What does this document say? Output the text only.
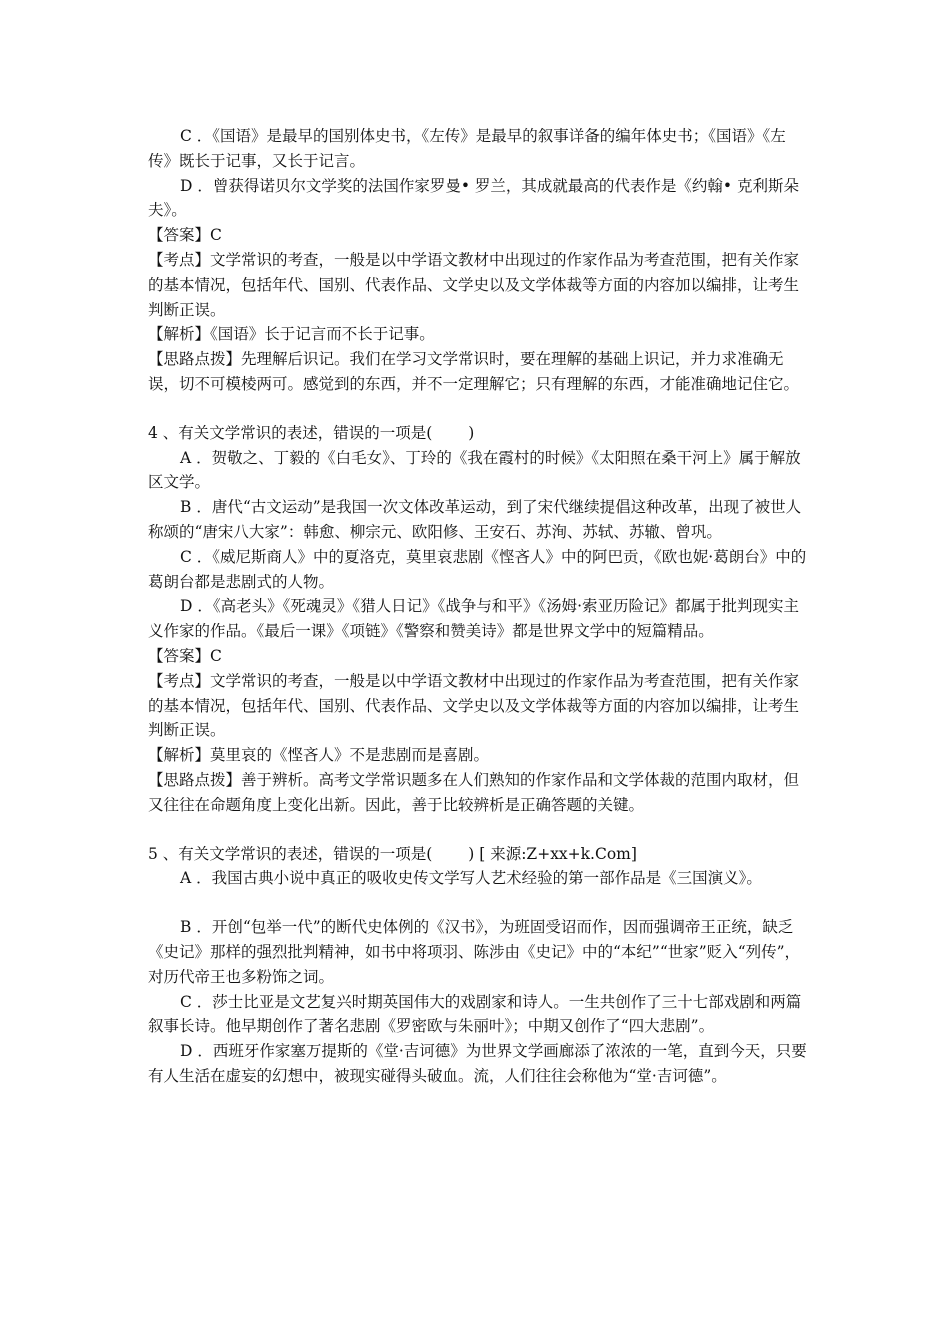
C ．《国语》是最早的国别体史书，《左传》是最早的叙事详备的编年体史书；《国语》《左传》既长于记事，又长于记言。
D ．曾获得诺贝尔文学奖的法国作家罗曼• 罗兰，其成就最高的代表作是《约翰• 克利斯朵夫》。
【答案】C
【考点】文学常识的考查，一般是以中学语文教材中出现过的作家作品为考查范围，把有关作家的基本情况，包括年代、国别、代表作品、文学史以及文学体裁等方面的内容加以编排，让考生判断正误。
【解析】《国语》长于记言而不长于记事。
【思路点拨】先理解后识记。我们在学习文学常识时，要在理解的基础上识记，并力求准确无误，切不可模棱两可。感觉到的东西，并不一定理解它；只有理解的东西，才能准确地记住它。
4 、有关文学常识的表述，错误的一项是(　　 )
A ．贺敬之、丁毅的《白毛女》、丁玲的《我在霞村的时候》《太阳照在桑干河上》属于解放区文学。
B ．唐代“古文运动”是我国一次文体改革运动，到了宋代继续提倡这种改革，出现了被世人称颂的“唐宋八大家”：韩愈、柳宗元、欧阳修、王安石、苏洵、苏轼、苏辙、曾巩。
C ．《威尼斯商人》中的夏洛克，莫里哀悲剧《悭吝人》中的阿巴贡，《欧也妮·葛朗台》中的葛朗台都是悲剧式的人物。
D ．《高老头》《死魂灵》《猎人日记》《战争与和平》《汤姆·索亚历险记》都属于批判现实主义作家的作品。《最后一课》《项链》《警察和赞美诗》都是世界文学中的短篇精品。
【答案】C
【考点】文学常识的考查，一般是以中学语文教材中出现过的作家作品为考查范围，把有关作家的基本情况，包括年代、国别、代表作品、文学史以及文学体裁等方面的内容加以编排，让考生判断正误。
【解析】莫里哀的《悭吝人》不是悲剧而是喜剧。
【思路点拨】善于辨析。高考文学常识题多在人们熟知的作家作品和文学体裁的范围内取材，但又往往在命题角度上变化出新。因此，善于比较辨析是正确答题的关键。
5 、有关文学常识的表述，错误的一项是(　　 ) [ 来源:Z+xx+k.Com]
A ．我国古典小说中真正的吸收史传文学写人艺术经验的第一部作品是《三国演义》。
B ．开创“包举一代”的断代史体例的《汉书》，为班固受诏而作，因而强调帝王正统，缺乏《史记》那样的强烈批判精神，如书中将项羽、陈涉由《史记》中的“本纪”“世家”贬入“列传”，对历代帝王也多粉饰之词。
C ．莎士比亚是文艺复兴时期英国伟大的戏剧家和诗人。一生共创作了三十七部戏剧和两篇叙事长诗。他早期创作了著名悲剧《罗密欧与朱丽叶》；中期又创作了“四大悲剧”。
D ．西班牙作家塞万提斯的《堂·吉诃德》为世界文学画廊添了浓浓的一笔，直到今天，只要有人生活在虚妄的幻想中，被现实碰得头破血。流，人们往往会称他为“堂·吉诃德”。
